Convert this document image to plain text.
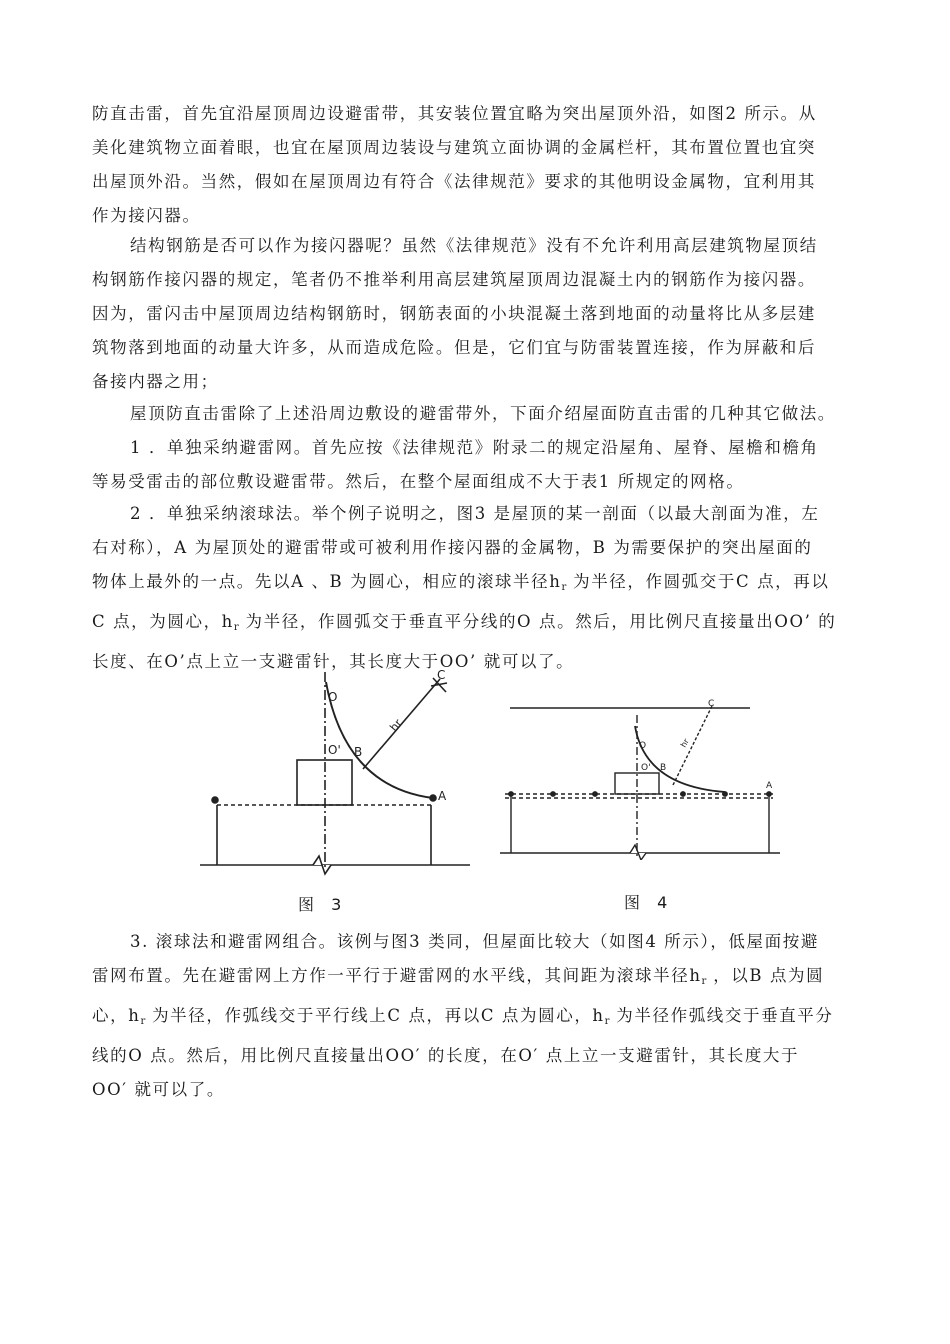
防直击雷，首先宜沿屋顶周边设避雷带，其安装位置宜略为突出屋顶外沿，如图2 所示。从
美化建筑物立面着眼，也宜在屋顶周边装设与建筑立面协调的金属栏杆，其布置位置也宜突
出屋顶外沿。当然，假如在屋顶周边有符合《法律规范》要求的其他明设金属物，宜利用其
作为接闪器。
结构钢筋是否可以作为接闪器呢？虽然《法律规范》没有不允许利用高层建筑物屋顶结
构钢筋作接闪器的规定，笔者仍不推举利用高层建筑屋顶周边混凝土内的钢筋作为接闪器。
因为，雷闪击中屋顶周边结构钢筋时，钢筋表面的小块混凝土落到地面的动量将比从多层建
筑物落到地面的动量大许多，从而造成危险。但是，它们宜与防雷装置连接，作为屏蔽和后
备接内器之用；
屋顶防直击雷除了上述沿周边敷设的避雷带外，下面介绍屋面防直击雷的几种其它做法。
1 ．单独采纳避雷网。首先应按《法律规范》附录二的规定沿屋角、屋脊、屋檐和檐角
等易受雷击的部位敷设避雷带。然后，在整个屋面组成不大于表1 所规定的网格。
2 ．单独采纳滚球法。举个例子说明之，图3 是屋顶的某一剖面（以最大剖面为准，左
右对称），A 为屋顶处的避雷带或可被利用作接闪器的金属物，B 为需要保护的突出屋面的
物体上最外的一点。先以A 、B 为圆心，相应的滚球半径$h_r$ 为半径，作圆弧交于C 点，再以
C 点，为圆心，$h_r$ 为半径，作圆弧交于垂直平分线的O 点。然后，用比例尺直接量出OO’ 的
长度、在O’点上立一支避雷针，其长度大于OO’ 就可以了。
O
O' B
A
C
hr
图 3
O
O' B
A
C
hr
图 4
3. 滚球法和避雷网组合。该例与图3 类同，但屋面比较大（如图4 所示），低屋面按避
雷网布置。先在避雷网上方作一平行于避雷网的水平线，其间距为滚球半径$h_r$ ，以B 点为圆
心，$h_r$ 为半径，作弧线交于平行线上C 点，再以C 点为圆心，$h_r$ 为半径作弧线交于垂直平分
线的O 点。然后，用比例尺直接量出OO′ 的长度，在O′ 点上立一支避雷针，其长度大于
OO′ 就可以了。
